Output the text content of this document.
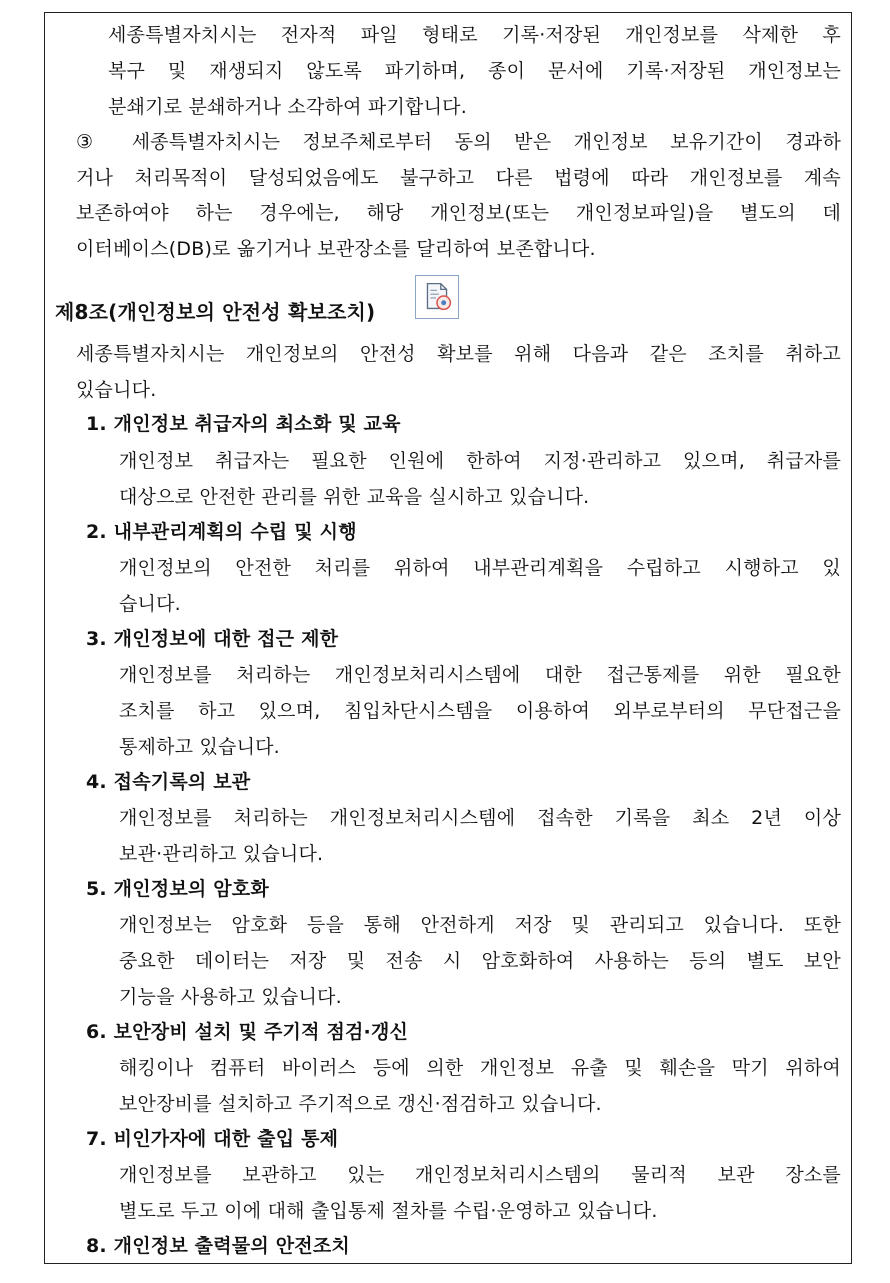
세종특별자치시는 전자적 파일 형태로 기록·저장된 개인정보를 삭제한 후
복구 및 재생되지 않도록 파기하며, 종이 문서에 기록·저장된 개인정보는
분쇄기로 분쇄하거나 소각하여 파기합니다.
③ 세종특별자치시는 정보주체로부터 동의 받은 개인정보 보유기간이 경과하
거나 처리목적이 달성되었음에도 불구하고 다른 법령에 따라 개인정보를 계속
보존하여야 하는 경우에는, 해당 개인정보(또는 개인정보파일)을 별도의 데
이터베이스(DB)로 옮기거나 보관장소를 달리하여 보존합니다.
제8조(개인정보의 안전성 확보조치)
세종특별자치시는 개인정보의 안전성 확보를 위해 다음과 같은 조치를 취하고
있습니다.
1. 개인정보 취급자의 최소화 및 교육
개인정보 취급자는 필요한 인원에 한하여 지정·관리하고 있으며, 취급자를
대상으로 안전한 관리를 위한 교육을 실시하고 있습니다.
2. 내부관리계획의 수립 및 시행
개인정보의 안전한 처리를 위하여 내부관리계획을 수립하고 시행하고 있
습니다.
3. 개인정보에 대한 접근 제한
개인정보를 처리하는 개인정보처리시스템에 대한 접근통제를 위한 필요한
조치를 하고 있으며, 침입차단시스템을 이용하여 외부로부터의 무단접근을
통제하고 있습니다.
4. 접속기록의 보관
개인정보를 처리하는 개인정보처리시스템에 접속한 기록을 최소 2년 이상
보관·관리하고 있습니다.
5. 개인정보의 암호화
개인정보는 암호화 등을 통해 안전하게 저장 및 관리되고 있습니다. 또한
중요한 데이터는 저장 및 전송 시 암호화하여 사용하는 등의 별도 보안
기능을 사용하고 있습니다.
6. 보안장비 설치 및 주기적 점검·갱신
해킹이나 컴퓨터 바이러스 등에 의한 개인정보 유출 및 훼손을 막기 위하여
보안장비를 설치하고 주기적으로 갱신·점검하고 있습니다.
7. 비인가자에 대한 출입 통제
개인정보를 보관하고 있는 개인정보처리시스템의 물리적 보관 장소를
별도로 두고 이에 대해 출입통제 절차를 수립·운영하고 있습니다.
8. 개인정보 출력물의 안전조치
